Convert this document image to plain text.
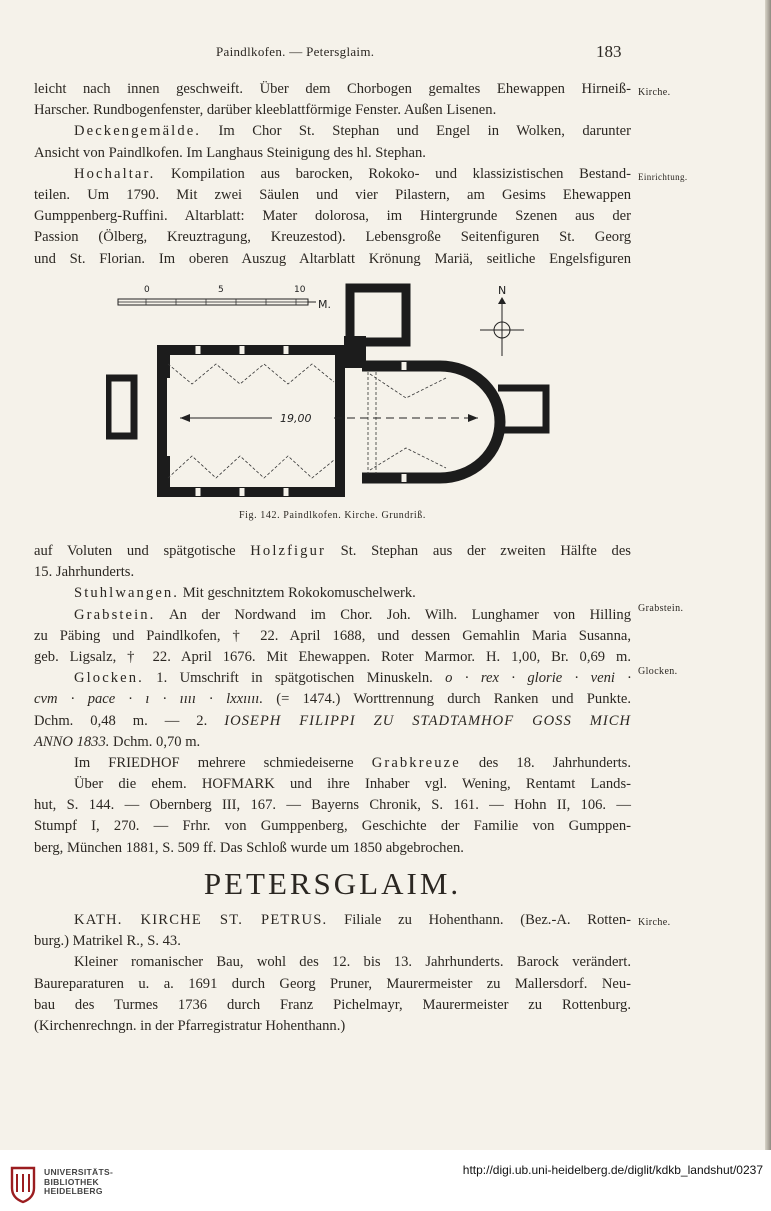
Paindlkofen. — Petersglaim.	183
leicht nach innen geschweift. Über dem Chorbogen gemaltes Ehewappen Hirneiß-
Harscher. Rundbogenfenster, darüber kleeblattförmige Fenster. Außen Lisenen.
Deckengemälde. Im Chor St. Stephan und Engel in Wolken, darunter
Ansicht von Paindlkofen. Im Langhaus Steinigung des hl. Stephan.
Hochaltar. Kompilation aus barocken, Rokoko- und klassizistischen Bestand-
teilen. Um 1790. Mit zwei Säulen und vier Pilastern, am Gesims Ehewappen
Gumppenberg-Ruffini. Altarblatt: Mater dolorosa, im Hintergrunde Szenen aus der
Passion (Ölberg, Kreuztragung, Kreuzestod). Lebensgroße Seitenfiguren St. Georg
und St. Florian. Im oberen Auszug Altarblatt Krönung Mariä, seitliche Engelsfiguren
Kirche.
Einrichtung.
Grabstein.
Glocken.
Kirche.
0	5	10
M.
N
19,00
Fig. 142. Paindlkofen. Kirche. Grundriß.
auf Voluten und spätgotische Holzfigur St. Stephan aus der zweiten Hälfte des
15. Jahrhunderts.
Stuhlwangen. Mit geschnitztem Rokokomuschelwerk.
Grabstein. An der Nordwand im Chor. Joh. Wilh. Lunghamer von Hilling
zu Päbing und Paindlkofen, † 22. April 1688, und dessen Gemahlin Maria Susanna,
geb. Ligsalz, † 22. April 1676. Mit Ehewappen. Roter Marmor. H. 1,00, Br. 0,69 m.
Glocken. 1. Umschrift in spätgotischen Minuskeln. o · rex · glorie · veni ·
cvm · pace · ı · ıııı · lxxıııı. (= 1474.) Worttrennung durch Ranken und Punkte.
Dchm. 0,48 m. — 2. IOSEPH FILIPPI ZU STADTAMHOF GOSS MICH
ANNO 1833. Dchm. 0,70 m.
Im FRIEDHOF mehrere schmiedeiserne Grabkreuze des 18. Jahrhunderts.
Über die ehem. HOFMARK und ihre Inhaber vgl. Wening, Rentamt Lands-
hut, S. 144. — Obernberg III, 167. — Bayerns Chronik, S. 161. — Hohn II, 106. —
Stumpf I, 270. — Frhr. von Gumppenberg, Geschichte der Familie von Gumppen-
berg, München 1881, S. 509 ff. Das Schloß wurde um 1850 abgebrochen.
PETERSGLAIM.
KATH. KIRCHE ST. PETRUS. Filiale zu Hohenthann. (Bez.-A. Rotten-
burg.) Matrikel R., S. 43.
Kleiner romanischer Bau, wohl des 12. bis 13. Jahrhunderts. Barock verändert.
Baureparaturen u. a. 1691 durch Georg Pruner, Maurermeister zu Mallersdorf. Neu-
bau des Turmes 1736 durch Franz Pichelmayr, Maurermeister zu Rottenburg.
(Kirchenrechngn. in der Pfarregistratur Hohenthann.)
UNIVERSITÄTS-
BIBLIOTHEK
HEIDELBERG
http://digi.ub.uni-heidelberg.de/diglit/kdkb_landshut/0237
